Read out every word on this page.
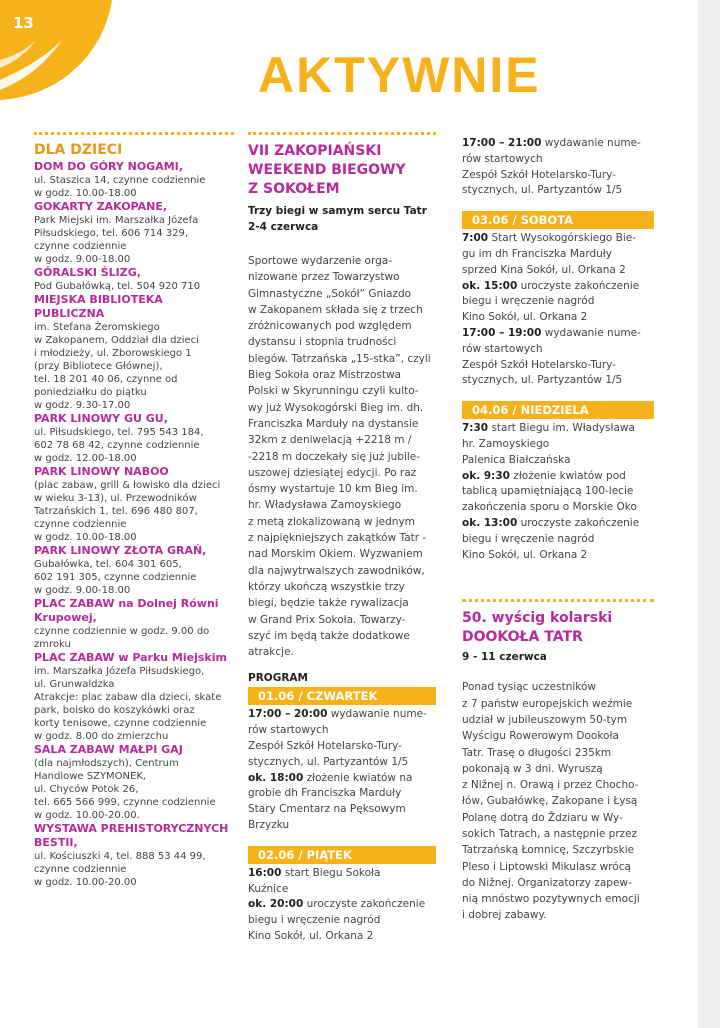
13
AKTYWNIE
DLA DZIECI
DOM DO GÓRY NOGAMI,
ul. Staszica 14, czynne codziennie
w godz. 10.00-18.00
GOKARTY ZAKOPANE,
Park Miejski im. Marszałka Józefa
Piłsudskiego, tel. 606 714 329,
czynne codziennie
w godz. 9.00-18.00
GÓRALSKI ŚLIZG,
Pod Gubałówką, tel. 504 920 710
MIEJSKA BIBLIOTEKA
PUBLICZNA
im. Stefana Żeromskiego
w Zakopanem, Oddział dla dzieci
i młodzieży, ul. Zborowskiego 1
(przy Bibliotece Głównej),
tel. 18 201 40 06, czynne od
poniedziałku do piątku
w godz. 9.30-17.00
PARK LINOWY GU GU,
ul. Piłsudskiego, tel. 795 543 184,
602 78 68 42, czynne codziennie
w godz. 12.00-18.00
PARK LINOWY NABOO
(plac zabaw, grill & łowisko dla dzieci
w wieku 3-13), ul. Przewodników
Tatrzańskich 1, tel. 696 480 807,
czynne codziennie
w godz. 10.00-18.00
PARK LINOWY ZŁOTA GRAŃ,
Gubałówka, tel. 604 301 605,
602 191 305, czynne codziennie
w godz. 9.00-18.00
PLAC ZABAW na Dolnej Równi
Krupowej,
czynne codziennie w godz. 9.00 do
zmroku
PLAC ZABAW w Parku Miejskim
im. Marszałka Józefa Piłsudskiego,
ul. Grunwaldzka
Atrakcje: plac zabaw dla dzieci, skate
park, boisko do koszykówki oraz
korty tenisowe, czynne codziennie
w godz. 8.00 do zmierzchu
SALA ZABAW MAŁPI GAJ
(dla najmłodszych), Centrum
Handlowe SZYMONEK,
ul. Chyców Potok 26,
tel. 665 566 999, czynne codziennie
w godz. 10.00-20.00.
WYSTAWA PREHISTORYCZNYCH
BESTII,
ul. Kościuszki 4, tel. 888 53 44 99,
czynne codziennie
w godz. 10.00-20.00
VII ZAKOPIAŃSKI
WEEKEND BIEGOWY
Z SOKOŁEM
Trzy biegi w samym sercu Tatr
2-4 czerwca
Sportowe wydarzenie orga-
nizowane przez Towarzystwo
Gimnastyczne „Sokół” Gniazdo
w Zakopanem składa się z trzech
zróżnicowanych pod względem
dystansu i stopnia trudności
biegów. Tatrzańska „15-stka”, czyli
Bieg Sokoła oraz Mistrzostwa
Polski w Skyrunningu czyli kulto-
wy już Wysokogórski Bieg im. dh.
Franciszka Marduły na dystansie
32km z deniwelacją +2218 m /
-2218 m doczekały się już jubile-
uszowej dziesiątej edycji. Po raz
ósmy wystartuje 10 km Bieg im.
hr. Władysława Zamoyskiego
z metą zlokalizowaną w jednym
z najpiękniejszych zakątków Tatr -
nad Morskim Okiem. Wyzwaniem
dla najwytrwalszych zawodników,
którzy ukończą wszystkie trzy
biegi, będzie także rywalizacja
w Grand Prix Sokoła. Towarzy-
szyć im będą także dodatkowe
atrakcje.
PROGRAM
01.06 / CZWARTEK
17:00 – 20:00 wydawanie nume-
rów startowych
Zespół Szkół Hotelarsko-Tury-
stycznych, ul. Partyzantów 1/5
ok. 18:00 złożenie kwiatów na
grobie dh Franciszka Marduły
Stary Cmentarz na Pęksowym
Brzyzku
02.06 / PIĄTEK
16:00 start Biegu Sokoła
Kuźnice
ok. 20:00 uroczyste zakończenie
biegu i wręczenie nagród
Kino Sokół, ul. Orkana 2
17:00 – 21:00 wydawanie nume-
rów startowych
Zespół Szkół Hotelarsko-Tury-
stycznych, ul. Partyzantów 1/5
03.06 / SOBOTA
7:00 Start Wysokogórskiego Bie-
gu im dh Franciszka Marduły
sprzed Kina Sokół, ul. Orkana 2
ok. 15:00 uroczyste zakończenie
biegu i wręczenie nagród
Kino Sokół, ul. Orkana 2
17:00 – 19:00 wydawanie nume-
rów startowych
Zespół Szkół Hotelarsko-Tury-
stycznych, ul. Partyzantów 1/5
04.06 / NIEDZIELA
7:30 start Biegu im. Władysława
hr. Zamoyskiego
Palenica Białczańska
ok. 9:30 złożenie kwiatów pod
tablicą upamiętniającą 100-lecie
zakończenia sporu o Morskie Oko
ok. 13:00 uroczyste zakończenie
biegu i wręczenie nagród
Kino Sokół, ul. Orkana 2
50. wyścig kolarski
DOOKOŁA TATR
9 - 11 czerwca
Ponad tysiąc uczestników
z 7 państw europejskich weźmie
udział w jubileuszowym 50-tym
Wyścigu Rowerowym Dookoła
Tatr. Trasę o długości 235km
pokonają w 3 dni. Wyruszą
z Nižnej n. Orawą i przez Chocho-
łów, Gubałówkę, Zakopane i Łysą
Polanę dotrą do Ždziaru w Wy-
sokich Tatrach, a następnie przez
Tatrzańską Łomnicę, Szczyrbskie
Pleso i Liptowski Mikulasz wrócą
do Nižnej. Organizatorzy zapew-
nią mnóstwo pozytywnych emocji
i dobrej zabawy.
